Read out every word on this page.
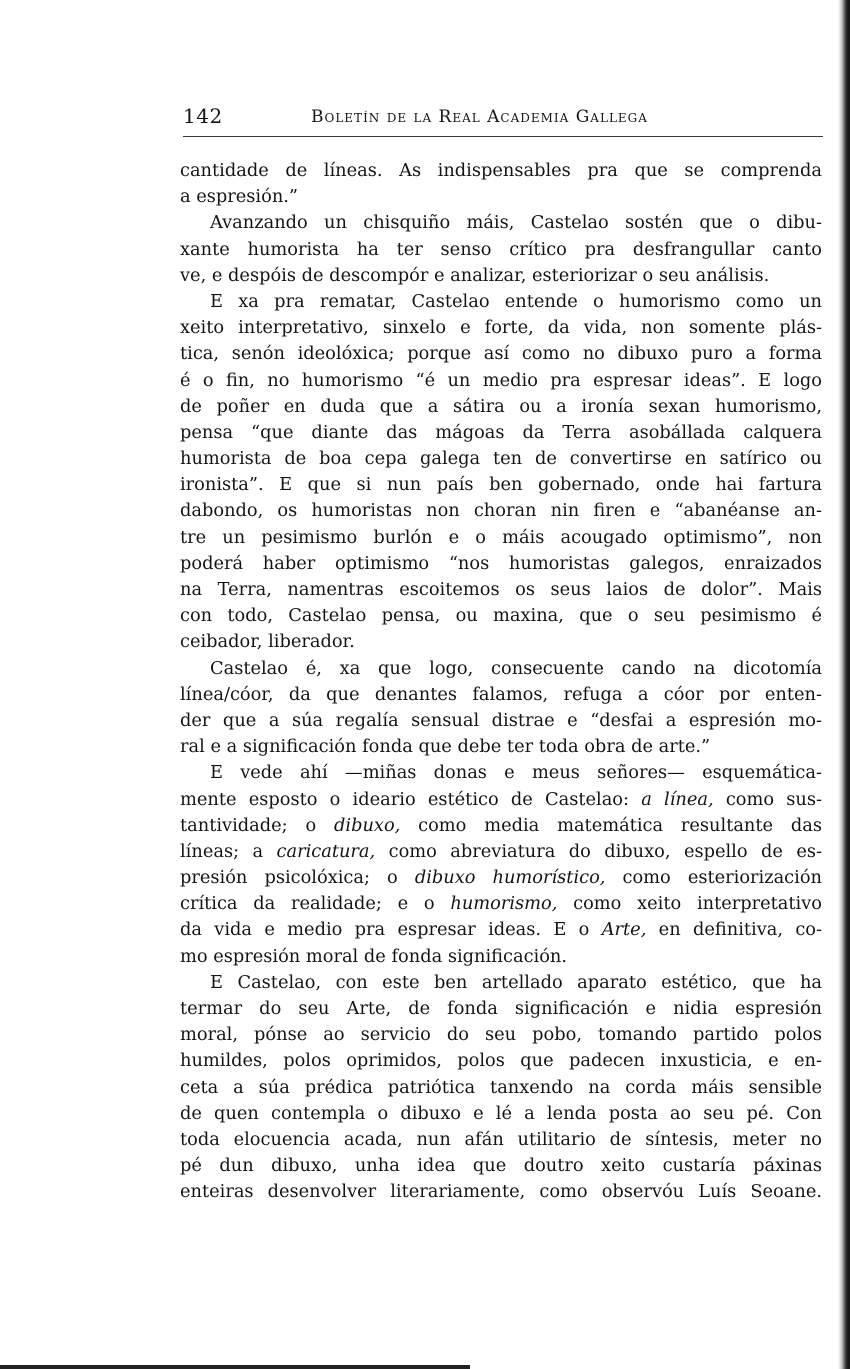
142	Boletín de la Real Academia Gallega
cantidade de líneas. As indispensables pra que se comprenda
a espresión.”
Avanzando un chisquiño máis, Castelao sostén que o dibu-
xante humorista ha ter senso crítico pra desfrangullar canto
ve, e despóis de descompór e analizar, esteriorizar o seu análisis.
E xa pra rematar, Castelao entende o humorismo como un
xeito interpretativo, sinxelo e forte, da vida, non somente plás-
tica, senón ideolóxica; porque así como no dibuxo puro a forma
é o fin, no humorismo “é un medio pra espresar ideas”. E logo
de poñer en duda que a sátira ou a ironía sexan humorismo,
pensa “que diante das mágoas da Terra asobállada calquera
humorista de boa cepa galega ten de convertirse en satírico ou
ironista”. E que si nun país ben gobernado, onde hai fartura
dabondo, os humoristas non choran nin firen e “abanéanse an-
tre un pesimismo burlón e o máis acougado optimismo”, non
poderá haber optimismo “nos humoristas galegos, enraizados
na Terra, namentras escoitemos os seus laios de dolor”. Mais
con todo, Castelao pensa, ou maxina, que o seu pesimismo é
ceibador, liberador.
Castelao é, xa que logo, consecuente cando na dicotomía
línea/cóor, da que denantes falamos, refuga a cóor por enten-
der que a súa regalía sensual distrae e “desfai a espresión mo-
ral e a significación fonda que debe ter toda obra de arte.”
E vede ahí —miñas donas e meus señores— esquemática-
mente esposto o ideario estético de Castelao: a línea, como sus-
tantividade; o dibuxo, como media matemática resultante das
líneas; a caricatura, como abreviatura do dibuxo, espello de es-
presión psicolóxica; o dibuxo humorístico, como esteriorización
crítica da realidade; e o humorismo, como xeito interpretativo
da vida e medio pra espresar ideas. E o Arte, en definitiva, co-
mo espresión moral de fonda significación.
E Castelao, con este ben artellado aparato estético, que ha
termar do seu Arte, de fonda significación e nidia espresión
moral, pónse ao servicio do seu pobo, tomando partido polos
humildes, polos oprimidos, polos que padecen inxusticia, e en-
ceta a súa prédica patriótica tanxendo na corda máis sensible
de quen contempla o dibuxo e lé a lenda posta ao seu pé. Con
toda elocuencia acada, nun afán utilitario de síntesis, meter no
pé dun dibuxo, unha idea que doutro xeito custaría páxinas
enteiras desenvolver literariamente, como observóu Luís Seoane.
